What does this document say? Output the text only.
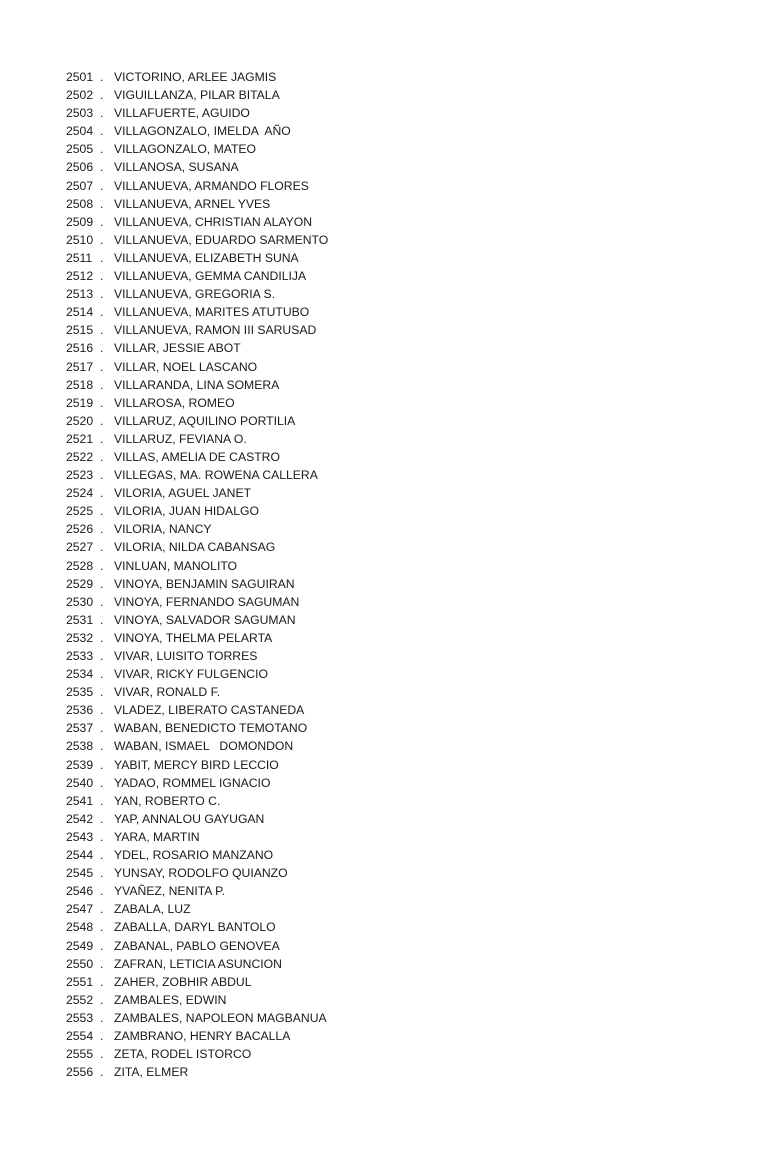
2501 . VICTORINO, ARLEE JAGMIS
2502 . VIGUILLANZA, PILAR BITALA
2503 . VILLAFUERTE, AGUIDO
2504 . VILLAGONZALO, IMELDA  AÑO
2505 . VILLAGONZALO, MATEO
2506 . VILLANOSA, SUSANA
2507 . VILLANUEVA, ARMANDO FLORES
2508 . VILLANUEVA, ARNEL YVES
2509 . VILLANUEVA, CHRISTIAN ALAYON
2510 . VILLANUEVA, EDUARDO SARMENTO
2511 . VILLANUEVA, ELIZABETH SUNA
2512 . VILLANUEVA, GEMMA CANDILIJA
2513 . VILLANUEVA, GREGORIA S.
2514 . VILLANUEVA, MARITES ATUTUBO
2515 . VILLANUEVA, RAMON III SARUSAD
2516 . VILLAR, JESSIE ABOT
2517 . VILLAR, NOEL LASCANO
2518 . VILLARANDA, LINA SOMERA
2519 . VILLAROSA, ROMEO
2520 . VILLARUZ, AQUILINO PORTILIA
2521 . VILLARUZ, FEVIANA O.
2522 . VILLAS, AMELIA DE CASTRO
2523 . VILLEGAS, MA. ROWENA CALLERA
2524 . VILORIA, AGUEL JANET
2525 . VILORIA, JUAN HIDALGO
2526 . VILORIA, NANCY
2527 . VILORIA, NILDA CABANSAG
2528 . VINLUAN, MANOLITO
2529 . VINOYA, BENJAMIN SAGUIRAN
2530 . VINOYA, FERNANDO SAGUMAN
2531 . VINOYA, SALVADOR SAGUMAN
2532 . VINOYA, THELMA PELARTA
2533 . VIVAR, LUISITO TORRES
2534 . VIVAR, RICKY FULGENCIO
2535 . VIVAR, RONALD F.
2536 . VLADEZ, LIBERATO CASTANEDA
2537 . WABAN, BENEDICTO TEMOTANO
2538 . WABAN, ISMAEL   DOMONDON
2539 . YABIT, MERCY BIRD LECCIO
2540 . YADAO, ROMMEL IGNACIO
2541 . YAN, ROBERTO C.
2542 . YAP, ANNALOU GAYUGAN
2543 . YARA, MARTIN
2544 . YDEL, ROSARIO MANZANO
2545 . YUNSAY, RODOLFO QUIANZO
2546 . YVAÑEZ, NENITA P.
2547 . ZABALA, LUZ
2548 . ZABALLA, DARYL BANTOLO
2549 . ZABANAL, PABLO GENOVEA
2550 . ZAFRAN, LETICIA ASUNCION
2551 . ZAHER, ZOBHIR ABDUL
2552 . ZAMBALES, EDWIN
2553 . ZAMBALES, NAPOLEON MAGBANUA
2554 . ZAMBRANO, HENRY BACALLA
2555 . ZETA, RODEL ISTORCO
2556 . ZITA, ELMER
